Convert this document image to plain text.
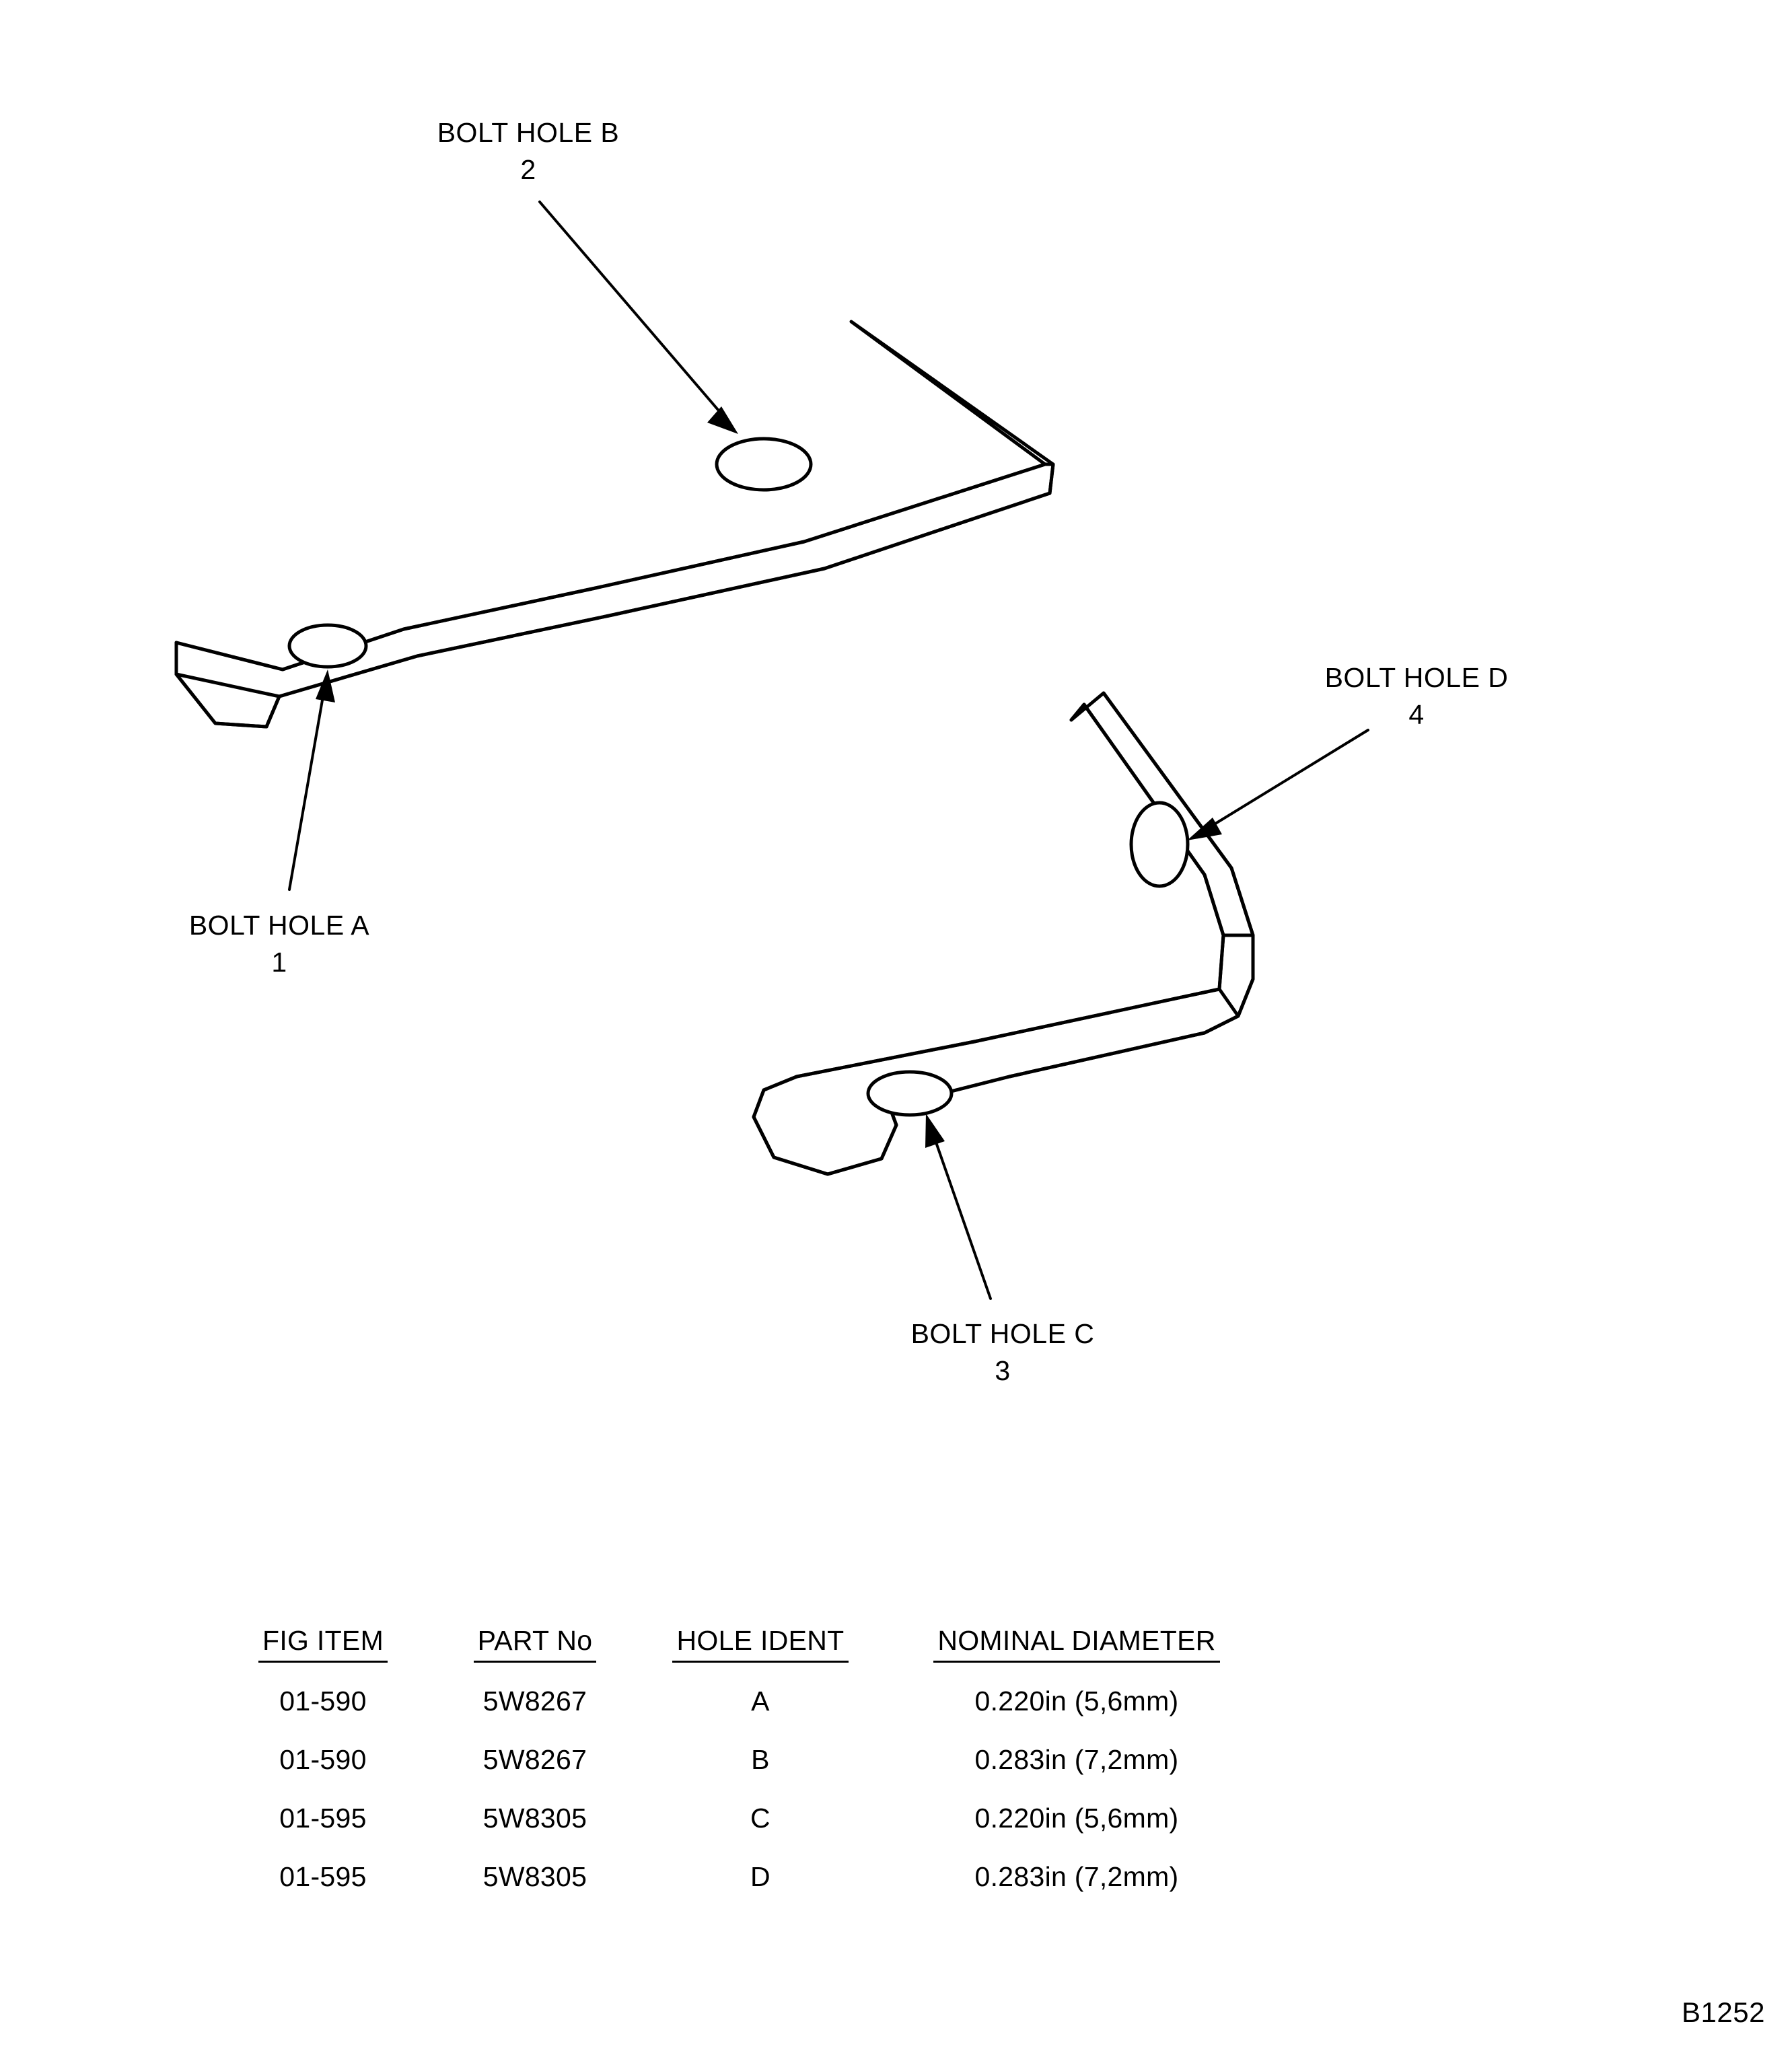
BOLT HOLE B
2
BOLT HOLE A
1
BOLT HOLE D
4
BOLT HOLE C
3
FIG ITEM	PART No	HOLE IDENT	NOMINAL DIAMETER
01-590	5W8267	A	0.220in (5,6mm)
01-590	5W8267	B	0.283in (7,2mm)
01-595	5W8305	C	0.220in (5,6mm)
01-595	5W8305	D	0.283in (7,2mm)
B1252
